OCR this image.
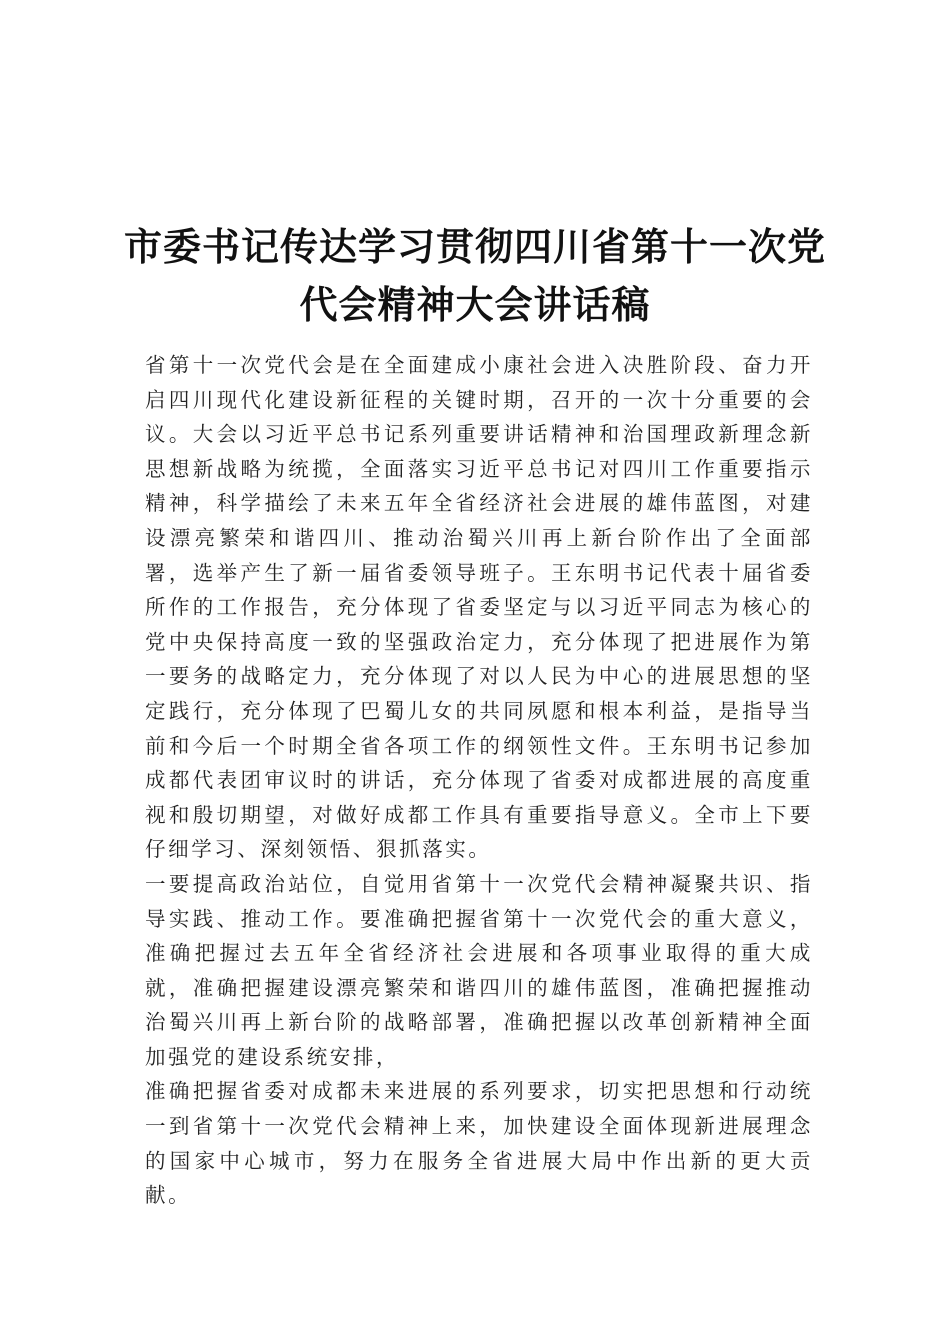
市委书记传达学习贯彻四川省第十一次党代会精神大会讲话稿

省第十一次党代会是在全面建成小康社会进入决胜阶段、奋力开启四川现代化建设新征程的关键时期，召开的一次十分重要的会议。大会以习近平总书记系列重要讲话精神和治国理政新理念新思想新战略为统揽，全面落实习近平总书记对四川工作重要指示精神，科学描绘了未来五年全省经济社会进展的雄伟蓝图，对建设漂亮繁荣和谐四川、推动治蜀兴川再上新台阶作出了全面部署，选举产生了新一届省委领导班子。王东明书记代表十届省委所作的工作报告，充分体现了省委坚定与以习近平同志为核心的党中央保持高度一致的坚强政治定力，充分体现了把进展作为第一要务的战略定力，充分体现了对以人民为中心的进展思想的坚定践行，充分体现了巴蜀儿女的共同夙愿和根本利益，是指导当前和今后一个时期全省各项工作的纲领性文件。王东明书记参加成都代表团审议时的讲话，充分体现了省委对成都进展的高度重视和殷切期望，对做好成都工作具有重要指导意义。全市上下要仔细学习、深刻领悟、狠抓落实。

一要提高政治站位，自觉用省第十一次党代会精神凝聚共识、指导实践、推动工作。要准确把握省第十一次党代会的重大意义，准确把握过去五年全省经济社会进展和各项事业取得的重大成就，准确把握建设漂亮繁荣和谐四川的雄伟蓝图，准确把握推动治蜀兴川再上新台阶的战略部署，准确把握以改革创新精神全面加强党的建设系统安排，

准确把握省委对成都未来进展的系列要求，切实把思想和行动统一到省第十一次党代会精神上来，加快建设全面体现新进展理念的国家中心城市，努力在服务全省进展大局中作出新的更大贡献。
